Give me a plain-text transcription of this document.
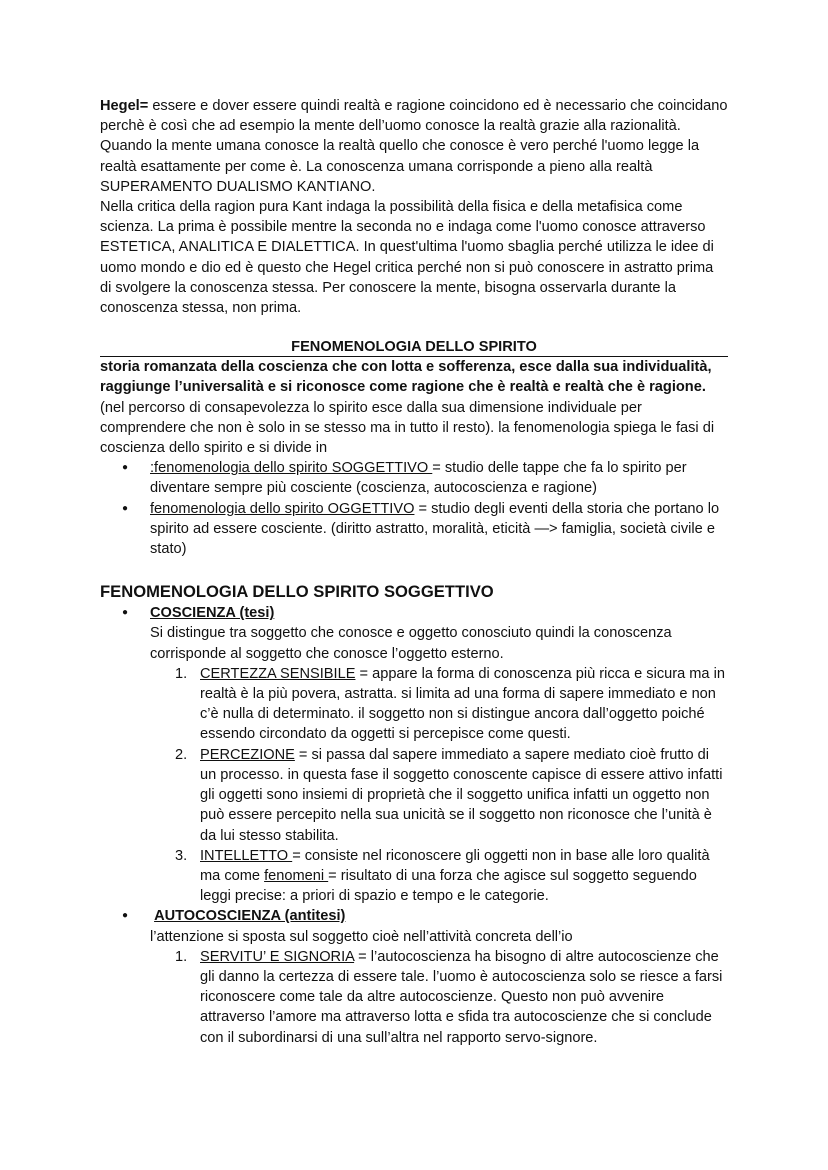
Hegel= essere e dover essere quindi realtà e ragione coincidono ed è necessario che coincidano perchè è così che ad esempio la mente dell’uomo conosce la realtà grazie alla razionalità. Quando la mente umana conosce la realtà quello che conosce è vero perché l'uomo legge la realtà esattamente per come è. La conoscenza umana corrisponde a pieno alla realtà SUPERAMENTO DUALISMO KANTIANO.

Nella critica della ragion pura Kant indaga la possibilità della fisica e della metafisica come scienza. La prima è possibile mentre la seconda no e indaga come l'uomo conosce attraverso ESTETICA, ANALITICA E DIALETTICA. In quest'ultima l'uomo sbaglia perché utilizza le idee di uomo mondo e dio ed è questo che Hegel critica perché non si può conoscere in astratto prima di svolgere la conoscenza stessa. Per conoscere la mente, bisogna osservarla durante la conoscenza stessa, non prima.

FENOMENOLOGIA DELLO SPIRITO

storia romanzata della coscienza che con lotta e sofferenza, esce dalla sua individualità, raggiunge l’universalità e si riconosce come ragione che è realtà e realtà che è ragione. (nel percorso di consapevolezza lo spirito esce dalla sua dimensione individuale per comprendere che non è solo in se stesso ma in tutto il resto). la fenomenologia spiega le fasi di coscienza dello spirito e si divide in

● :fenomenologia dello spirito SOGGETTIVO = studio delle tappe che fa lo spirito per diventare sempre più cosciente (coscienza, autocoscienza e ragione)
● fenomenologia dello spirito OGGETTIVO = studio degli eventi della storia che portano lo spirito ad essere cosciente. (diritto astratto, moralità, eticità —> famiglia, società civile e stato)
FENOMENOLOGIA DELLO SPIRITO SOGGETTIVO
● COSCIENZA (tesi)

Si distingue tra soggetto che conosce e oggetto conosciuto quindi la conoscenza corrisponde al soggetto che conosce l’oggetto esterno.

1. CERTEZZA SENSIBILE = appare la forma di conoscenza più ricca e sicura ma in realtà è la più povera, astratta. si limita ad una forma di sapere immediato e non c’è nulla di determinato. il soggetto non si distingue ancora dall’oggetto poiché essendo circondato da oggetti si percepisce come questi.
2. PERCEZIONE = si passa dal sapere immediato a sapere mediato cioè frutto di un processo. in questa fase il soggetto conoscente capisce di essere attivo infatti gli oggetti sono insiemi di proprietà che il soggetto unifica infatti un oggetto non può essere percepito nella sua unicità se il soggetto non riconosce che l’unità è da lui stesso stabilita.
3. INTELLETTO = consiste nel riconoscere gli oggetti non in base alle loro qualità ma come fenomeni = risultato di una forza che agisce sul soggetto seguendo leggi precise: a priori di spazio e tempo e le categorie.
● AUTOCOSCIENZA (antitesi)

l’attenzione si sposta sul soggetto cioè nell’attività concreta dell’io

1. SERVITU’ E SIGNORIA = l’autocoscienza ha bisogno di altre autocoscienze che gli danno la certezza di essere tale. l’uomo è autocoscienza solo se riesce a farsi riconoscere come tale da altre autocoscienze. Questo non può avvenire attraverso l’amore ma attraverso lotta e sfida tra autocoscienze che si conclude con il subordinarsi di una sull’altra nel rapporto servo-signore.
